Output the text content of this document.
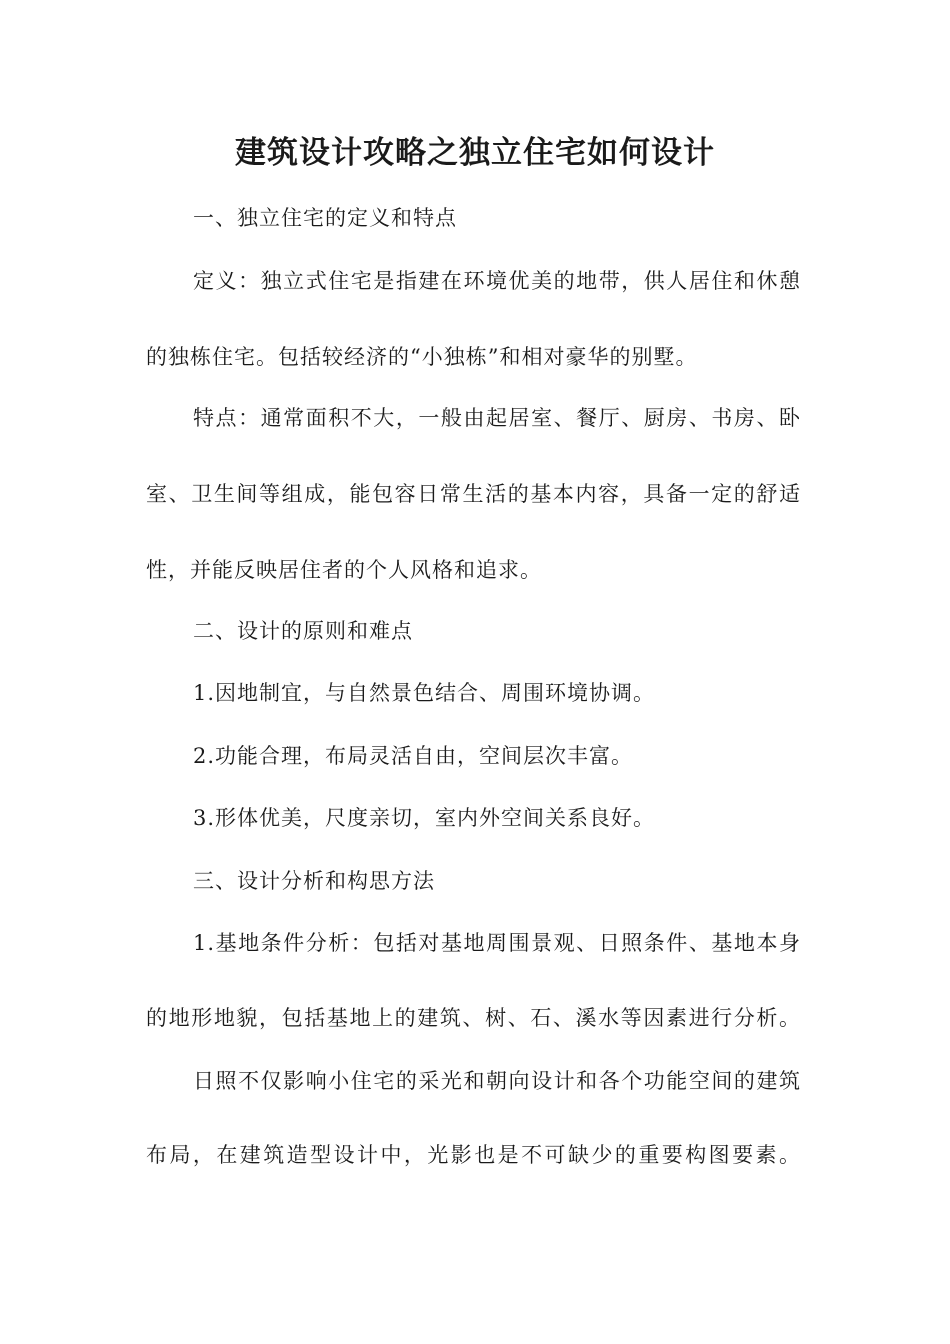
建筑设计攻略之独立住宅如何设计
一、独立住宅的定义和特点
定义：独立式住宅是指建在环境优美的地带，供人居住和休憩
的独栋住宅。包括较经济的“小独栋”和相对豪华的别墅。
特点：通常面积不大，一般由起居室、餐厅、厨房、书房、卧
室、卫生间等组成，能包容日常生活的基本内容，具备一定的舒适
性，并能反映居住者的个人风格和追求。
二、设计的原则和难点
1.因地制宜，与自然景色结合、周围环境协调。
2.功能合理，布局灵活自由，空间层次丰富。
3.形体优美，尺度亲切，室内外空间关系良好。
三、设计分析和构思方法
1.基地条件分析：包括对基地周围景观、日照条件、基地本身
的地形地貌，包括基地上的建筑、树、石、溪水等因素进行分析。
日照不仅影响小住宅的采光和朝向设计和各个功能空间的建筑
布局，在建筑造型设计中，光影也是不可缺少的重要构图要素。
